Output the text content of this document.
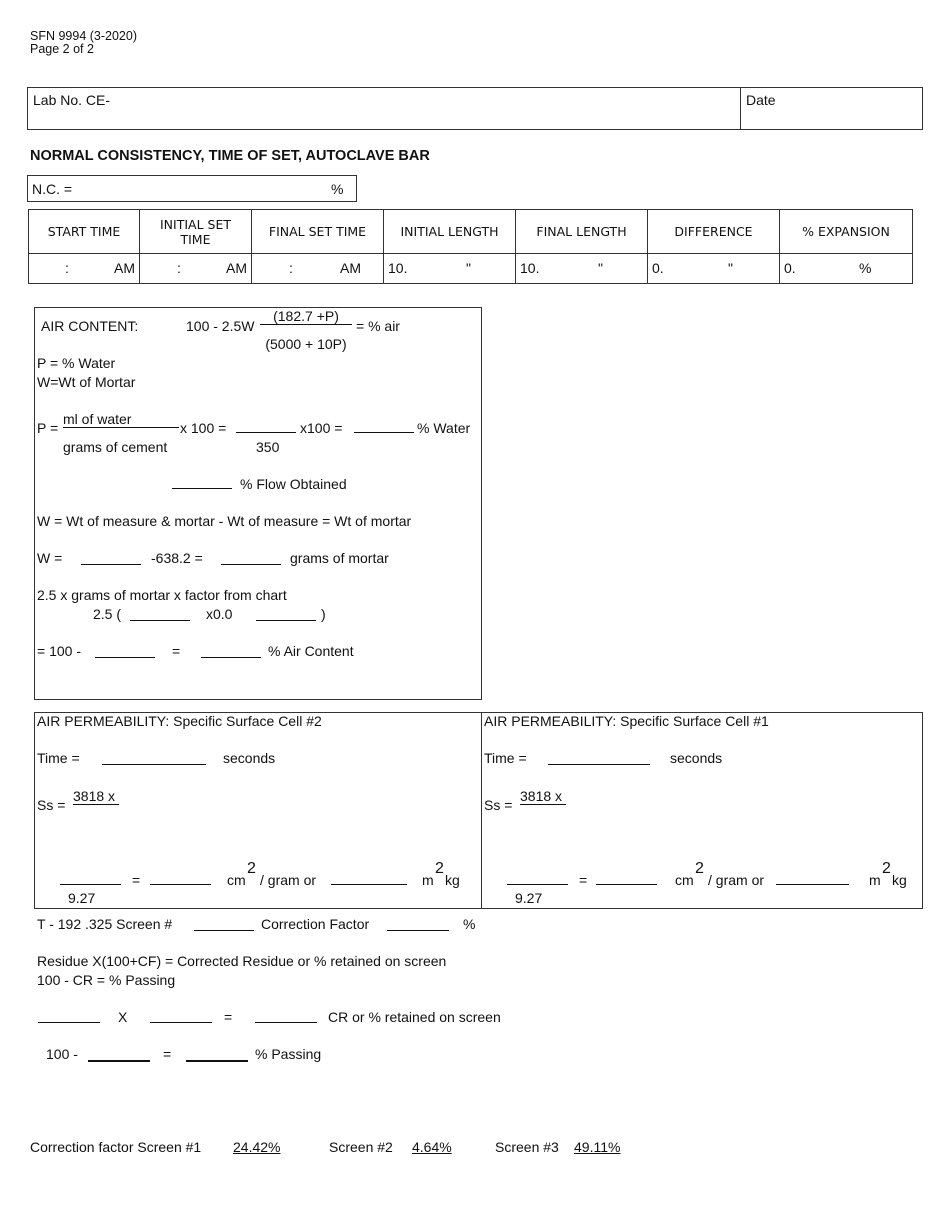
SFN 9994 (3-2020)
Page 2 of 2
Lab No. CE-	Date
NORMAL CONSISTENCY, TIME OF SET, AUTOCLAVE BAR
N.C. =	%
START TIME	INITIAL SET TIME	FINAL SET TIME	INITIAL LENGTH	FINAL LENGTH	DIFFERENCE	% EXPANSION

: AM	: AM	: AM	10. "	10. "	0. "	0. %
AIR CONTENT:	100 - 2.5W
(182.7 +P)
(5000 + 10P)
= % air
P = % Water
W=Wt of Mortar
P =
ml of water
grams of cement
x 100 =	x100 =	% Water
350
% Flow Obtained
W = Wt of measure & mortar - Wt of measure = Wt of mortar
W =	-638.2 =	grams of mortar
2.5 x grams of mortar x factor from chart
2.5 (	x0.0	)
= 100 -	=	% Air Content
AIR PERMEABILITY: Specific Surface Cell #2
Time =	seconds
Ss =
3818 x
9.27
=	cm
2
/ gram or	m
2
kg
AIR PERMEABILITY: Specific Surface Cell #1
Time =	seconds
Ss =
3818 x
9.27
=	cm
2
/ gram or	m
2
kg
T - 192 .325 Screen #	Correction Factor	%
Residue X(100+CF) = Corrected Residue or % retained on screen
100 - CR = % Passing
X	=	CR or % retained on screen
100 -	=	% Passing
Correction factor Screen #1 24.42%	Screen #2 4.64%	Screen #3 49.11%
